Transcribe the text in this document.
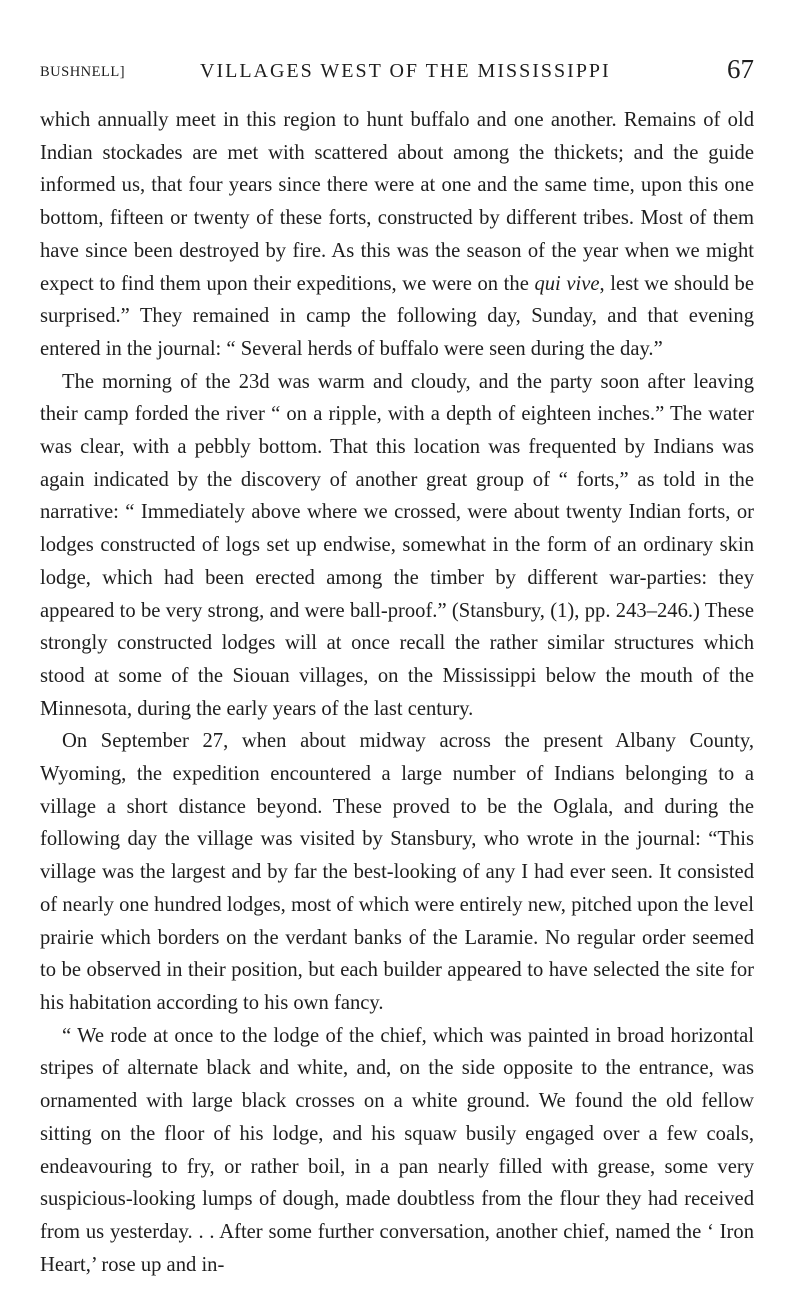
BUSHNELL]	VILLAGES WEST OF THE MISSISSIPPI	67

which annually meet in this region to hunt buffalo and one another. Remains of old Indian stockades are met with scattered about among the thickets; and the guide informed us, that four years since there were at one and the same time, upon this one bottom, fifteen or twenty of these forts, constructed by different tribes. Most of them have since been destroyed by fire. As this was the season of the year when we might expect to find them upon their expeditions, we were on the qui vive, lest we should be surprised.” They remained in camp the following day, Sunday, and that evening entered in the journal: “ Several herds of buffalo were seen during the day.”

The morning of the 23d was warm and cloudy, and the party soon after leaving their camp forded the river “ on a ripple, with a depth of eighteen inches.” The water was clear, with a pebbly bottom. That this location was frequented by Indians was again indicated by the discovery of another great group of “ forts,” as told in the narrative: “ Immediately above where we crossed, were about twenty Indian forts, or lodges constructed of logs set up endwise, somewhat in the form of an ordinary skin lodge, which had been erected among the timber by different war-parties: they appeared to be very strong, and were ball-proof.” (Stansbury, (1), pp. 243–246.) These strongly constructed lodges will at once recall the rather similar structures which stood at some of the Siouan villages, on the Mississippi below the mouth of the Minnesota, during the early years of the last century.

On September 27, when about midway across the present Albany County, Wyoming, the expedition encountered a large number of Indians belonging to a village a short distance beyond. These proved to be the Oglala, and during the following day the village was visited by Stansbury, who wrote in the journal: “This village was the largest and by far the best-looking of any I had ever seen. It consisted of nearly one hundred lodges, most of which were entirely new, pitched upon the level prairie which borders on the verdant banks of the Laramie. No regular order seemed to be observed in their position, but each builder appeared to have selected the site for his habitation according to his own fancy.

“ We rode at once to the lodge of the chief, which was painted in broad horizontal stripes of alternate black and white, and, on the side opposite to the entrance, was ornamented with large black crosses on a white ground. We found the old fellow sitting on the floor of his lodge, and his squaw busily engaged over a few coals, endeavouring to fry, or rather boil, in a pan nearly filled with grease, some very suspicious-looking lumps of dough, made doubtless from the flour they had received from us yesterday. . . After some further conversation, another chief, named the ‘ Iron Heart,’ rose up and in-
